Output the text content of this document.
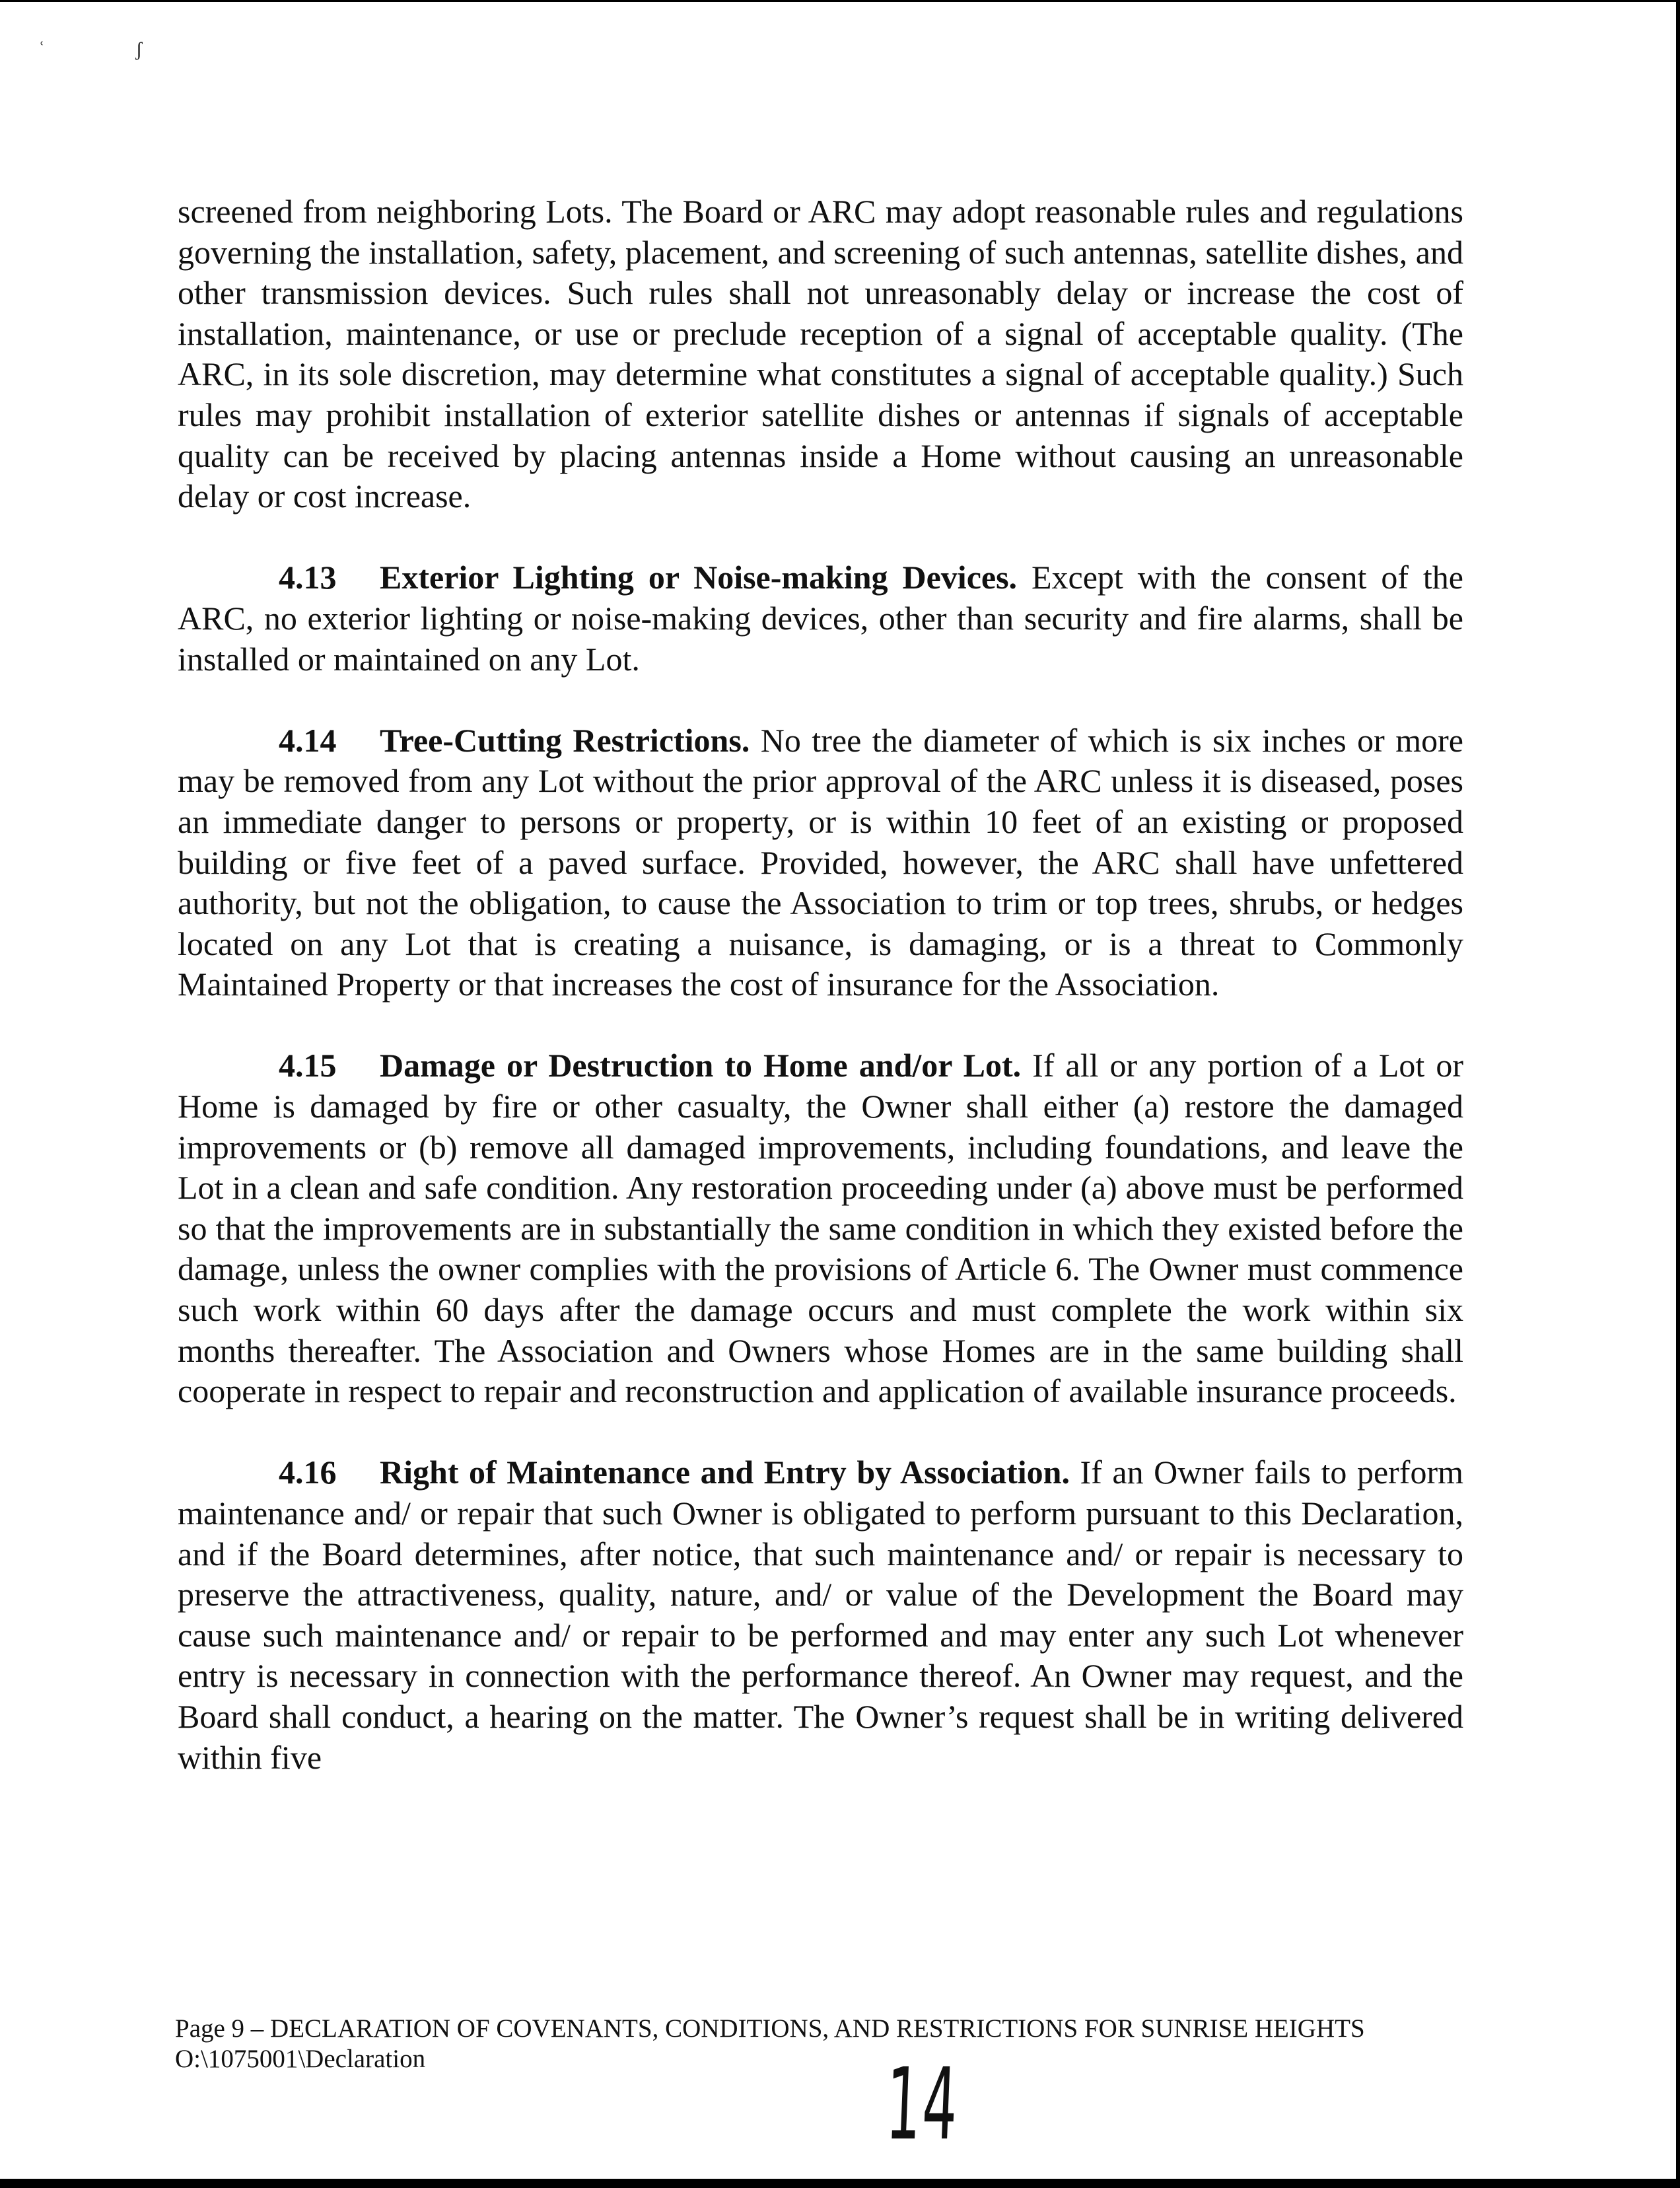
ʿ	ʃ

screened from neighboring Lots. The Board or ARC may adopt reasonable rules and regulations governing the installation, safety, placement, and screening of such antennas, satellite dishes, and other transmission devices. Such rules shall not unreasonably delay or increase the cost of installation, maintenance, or use or preclude reception of a signal of acceptable quality. (The ARC, in its sole discretion, may determine what constitutes a signal of acceptable quality.) Such rules may prohibit installation of exterior satellite dishes or antennas if signals of acceptable quality can be received by placing antennas inside a Home without causing an unreasonable delay or cost increase.

4.13 Exterior Lighting or Noise-making Devices. Except with the consent of the ARC, no exterior lighting or noise-making devices, other than security and fire alarms, shall be installed or maintained on any Lot.

4.14 Tree-Cutting Restrictions. No tree the diameter of which is six inches or more may be removed from any Lot without the prior approval of the ARC unless it is diseased, poses an immediate danger to persons or property, or is within 10 feet of an existing or proposed building or five feet of a paved surface. Provided, however, the ARC shall have unfettered authority, but not the obligation, to cause the Association to trim or top trees, shrubs, or hedges located on any Lot that is creating a nuisance, is damaging, or is a threat to Commonly Maintained Property or that increases the cost of insurance for the Association.

4.15 Damage or Destruction to Home and/or Lot. If all or any portion of a Lot or Home is damaged by fire or other casualty, the Owner shall either (a) restore the damaged improvements or (b) remove all damaged improvements, including foundations, and leave the Lot in a clean and safe condition. Any restoration proceeding under (a) above must be performed so that the improvements are in substantially the same condition in which they existed before the damage, unless the owner complies with the provisions of Article 6. The Owner must commence such work within 60 days after the damage occurs and must complete the work within six months thereafter. The Association and Owners whose Homes are in the same building shall cooperate in respect to repair and reconstruction and application of available insurance proceeds.

4.16 Right of Maintenance and Entry by Association. If an Owner fails to perform maintenance and/ or repair that such Owner is obligated to perform pursuant to this Declaration, and if the Board determines, after notice, that such maintenance and/ or repair is necessary to preserve the attractiveness, quality, nature, and/ or value of the Development the Board may cause such maintenance and/ or repair to be performed and may enter any such Lot whenever entry is necessary in connection with the performance thereof. An Owner may request, and the Board shall conduct, a hearing on the matter. The Owner’s request shall be in writing delivered within five

Page 9 – DECLARATION OF COVENANTS, CONDITIONS, AND RESTRICTIONS FOR SUNRISE HEIGHTS
O:\1075001\Declaration	14
